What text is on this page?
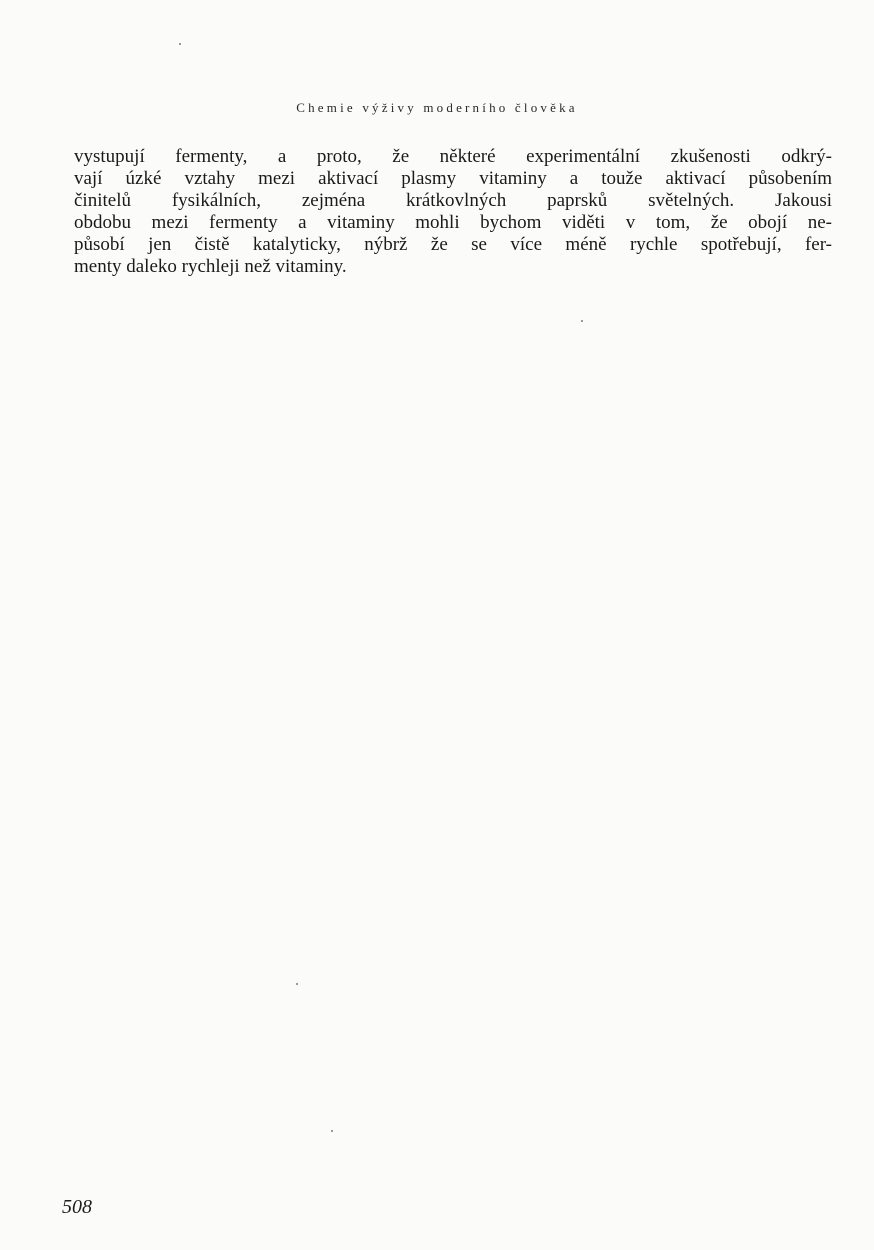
Chemie výživy moderního člověka
vystupují fermenty, a proto, že některé experimentální zkušenosti odkrý-
vají úzké vztahy mezi aktivací plasmy vitaminy a touže aktivací působením
činitelů fysikálních, zejména krátkovlných paprsků světelných. Jakousi
obdobu mezi fermenty a vitaminy mohli bychom viděti v tom, že obojí ne-
působí jen čistě katalyticky, nýbrž že se více méně rychle spotřebují, fer-
menty daleko rychleji než vitaminy.
508
